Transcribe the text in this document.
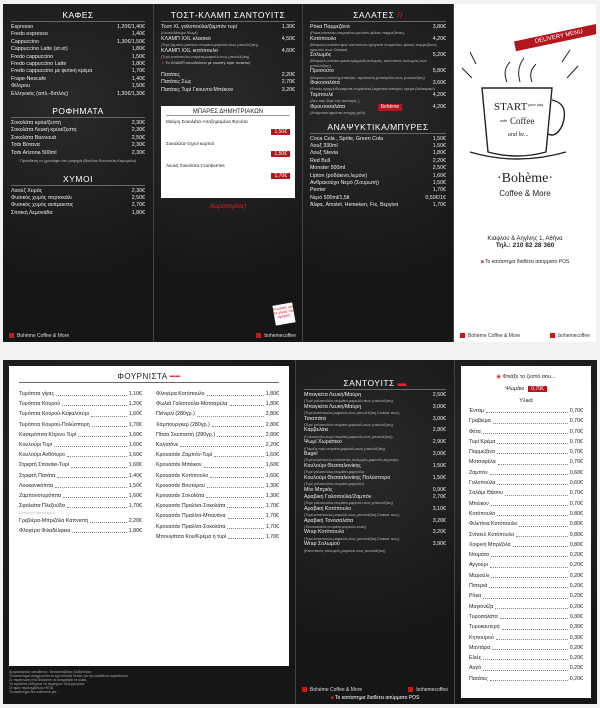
ΚΑΦΕΣ
Espresso	1,20€/1,40€
Fredo espresso	1,40€
Cappuccino	1,30€/1,50€
Cappuccino Latte (ισ.ισ)	1,80€
Fredo cappuccino	1,50€
Fredo cappuccino Latte	1,80€
Fredo cappuccino με φυτική κρέμα	1,70€
Frape-Nescafe	1,40€
Φίλτρου	1,50€
Ελληνικός (απλ.-διπλός)	1,30€/1,30€
ΡΟΦΗΜΑΤΑ
Σοκολάτα κρύα/ζεστή	2,30€
Σοκολάτα Λευκή κρύα/ζεστή	2,30€
Σοκολάτα Βιεννουά	2,50€
Τσάι Βότανα	2,30€
Τσάι Arizona 500ml	2,30€
Πρόσθεση το χρυσάφιο στο ρόφημά (Βανίλια,Φουντούκι,Καραμέλα)
ΧΥΜΟΙ
Λαούζ Χυμός	2,30€
Φυσικός χυμός πορτοκάλι	2,50€
Φυσικός χυμός ανάμεικτος	2,70€
Σπιτική Λεμονάδα	1,80€
Bohème Coffee & More
ΤΟΣΤ-ΚΛΑΜΠ ΣΑΝΤΟΥΙΤΣ
Τοστ XL γαλοπούλα/ζαμπόν τυρί	1,30€
(Λευκό/Μαύρο Ψωμί)
ΚΛΑΜΠ XXL κλασικό	4,50€
(Τυρί,ζαμπόν,μπέικον,ντομάτα,μαρούλι,σως μπουλέζικη)
ΚΛΑΜΠ XXL κοτόπουλο	4,60€
(Τυρί,κοτόπουλο,ντομάτα,μαρούλι,σως μπουλέζικη)
★ Το ΚΛΑΜΠ συνοδεύεται με country style πατάτες!
Πατάτες	2,20€
Πατάτες Σως	2,70€
Πατάτες Τυρί Γκουντα-Μπέικον	3,20€
ΜΠΑΡΕΣ ΔΗΜΗΤΡΙΑΚΩΝ
Μαύρη Σοκολάτα-Αποξηραμένα Φρούτα
1,50€
Σοκολάτα-Ξηροί καρποί
1,50€
Λευκή Σοκολάτα-Cranberries
1,70€
Χωροπορίτες!
Ρωτήστε για τα γλυκά της ημέρας!
bohemecoffee
ΣΑΛΑΤΕΣ //
Ρόκα Παρμεζάνα	3,80€
(Ρόκα,σπανάκι,ντοματίνια,κρουτόν,φλέικς παρμεζάνας)
Κοτόπουλο	4,20€
(Μαρούλι,σαλάτα φιλέ κοτόπουλο,τραγανά ντοματίνια, φλέικς παρμεζάνας, κρουτόν,σως Ceasar)
Σολωμός	5,20€
(Μαρούλι,σαλάτα,ρόκα,κρεμμύδι,σολομός, καπνιστός σολωμός,σως μπουλέζικη)
Προσούτο	5,80€
(Μαρούλι,iceberg,σπανάκι, προσούτο,μοτσαρέλα,σως μπουλέζικη)
Φακοσαλάτα	3,60€
(Φακές,κρεμμύδι,καρότα,ντοματίνια,λαχανικά,πιπεριές κρέμα βαλσαμικό)
Ταμπουλέ	4,20€
(Δεν σας λέμε την συνταγή..)
Φρουτοσαλάτα	Bohème	4,20€
(Ανάμεικτα φρούτα εποχής,μέλι)
ΑΝΑΨΥΚΤΙΚΑ/ΜΠΥΡΕΣ
Coca Cola , Sprite, Green Cola	1,50€
Λουξ 330ml	1,50€
Λουξ Stevia	1,80€
Red Bull	2,20€
Monster 500ml	2,50€
Lipton (ροδάκινο,λεμόνι)	1,60€
Ανθρακούχο Νερό (Σουρωτή)	1,50€
Perrier	1,70€
Νερό 500ml/1,5lt	0,50€/1€
Άλφα, Amstel, Heineken, Fix, Βεργίνα	1,70€
DELIVERY MENU
START your day
with Coffee
and be...
·Bohème·
Coffee & More
Κιαφλου & Αηγίνης 1, Αθήνα
Τηλ.: 210 82 28 360
■ Το κατάστημα διαθέτει ασύρματο POS
Bohème Coffee & More	bohemecoffee
ΦΟΥΡΝΙΣΤΑ ━━
Τυρόπιτα γίγας	1,10€
Τυρόπιτα Κουρού	1,20€
Τυρόπιτα Κουρού-Κεφαλοτύρι	1,60€
Τυρόπιτα Κουρού-Πολύσπορη	1,70€
Κασερόπιτα Κίτρινο Τυρί	1,60€
Κουλούρι Τυρί	1,60€
Κουλούρι Ανθότυρο	1,60€
Στριφτή Σπανάκι-Τυρί	1,60€
Στριφτή Πατάτα	1,40€
Λουκανικόπιτα	1,50€
Ζαμπονοτυρόπιτα	1,60€
Σφολιάτα Πλεξούδα	1,70€
(Μπέικον,Μπεσαμέλ)
Γρεβιέρα-Μπριζόλα Καπνιστή	2,20€
Φλογέρα Φιλαδέλφεια	1,80€
Φλογέρα Κοτόπουλο	1,80€
Φωλιά Γαλοπούλα-Μοτσαρέλα	1,80€
Πεϊνιρλί (280γρ.)	2,80€
Χάμπουργκερ (280γρ.)	2,80€
Πίτσα Σκεπαστή (280γρ.)	2,80€
Κολτσόνε	2,20€
Κρουασάν Ζαμπόν-Τυρί	1,60€
Κρουασάν Μπέικον	1,60€
Κρουασάν Κοτόπουλο	1,60€
Κρουασάν Βουτύρου	1,30€
Κρουασάν Σοκολάτα	1,30€
Κρουασάν Πραλίνα-Σοκολάτα	1,70€
Κρουασάν Πραλίνα-Μπανάνα	1,70€
Κρουασάν Πραλίνα-Σοκολάτα	1,70€
Μπουγάτσα Κου/Κρέμα ή τυρί	1,70€
Αγορανομικός υπεύθυνος: Τσουτσουβλέης Αλέξανδρος
Το κατάστημα υποχρεούται να έχει έντυπα δελτία για την κατάθεση παραπόνων.
Σε περίπτωση που θελήσετε να αναγράψει τα υλικά...
Τα προϊόντα ενδέχεται να περιέχουν αλλεργιογόνα.
Οι τιμές περιλαμβάνουν ΦΠΑ.
Το κατάστημα δεν ευθύνεται για...
ΣΑΝΤΟΥΙΤΣ ▬
Μπαγκέτα Λευκή/Μαύρη	2,50€
(Τυρί γαλοπούλα,ντομάτα,μαρούλι,σως μπουλέζικη)
Μπαγκέτα Λευκή/Μαύρη	3,00€
(Τυρί,κοτόπουλο,μαρούλι,σως μπουλέζικη,Ceasar σως)
Τσιαπάτα	3,00€
(Τυρί γαλοπούλα,ντομάτα,μαρούλι,σως μπουλέζικη)
Καρβελάκι	2,80€
(Γαλοπούλα,τυρί,ντομάτα,μαρούλι,σως μπουλέζικη)
Ψωμί Χωριάτικο	2,90€
(Πάριζα,τυρί,ντομάτα,μαρούλι,σως μπουλέζικη)
Bagel	3,00€
(Τυρί,κοτόπουλο,καπνιστός σολωμός,μαρούλι,αγγούρι)
Κουλούρι Θεσσαλονίκης	1,50€
(Τυρί γαλοπούλα,ντομάτα,μαρούλι)
Κουλούρι Θεσσαλονίκης Πολύσπορο	1,50€
(Τυρί γαλοπούλα,ντομάτα,μαρούλι)
Μίνι Μπριός	0,90€
Αραβική Γαλοπούλα/Ζαμπόν	2,70€
(Τυρί γαλοπούλα,ντομάτα,μαρούλι,σως μπουλέζικη)
Αραβική Κοτόπουλο	3,10€
(Τυρί,κοτόπουλο,μαρούλι,σως μπουλέζικη,Ceasar σως)
Αραβική Τονοσαλάτα	3,20€
(Τονοσαλάτα,ντομάτα,μαρούλι,ελιές)
Wrap Κοτόπουλο	3,20€
(Τυρί,κοτόπουλο,μαρούλι,σως μπουλέζικη,Ceasar σως)
Wrap Σολωμού	3,90€
(Καπνιστός σολωμός,μαρούλι,σως μπουλέζικη)
Bohème Coffee & More	bohemecoffee
■ Το κατάστημα διαθέτει ασύρματο POS
◉ Φτιάξε το ζεστό σου...
Ψωμάκι	0,70€
Υλικά
Ένταμ	0,70€
Γραβιέρα	0,70€
Φέτα	0,70€
Τυρί Κρέμα	0,70€
Παρμεζάνα	0,70€
Μοτσαρέλα	0,70€
Ζαμπόν	0,60€
Γαλοπούλα	0,60€
Σαλάμι Θάσου	0,70€
Μπέικον	0,70€
Κοτόπουλο	0,80€
Φιλετίνια Κοτόπουλο	0,80€
Σνίτσελ Κοτόπουλο	0,80€
Χοιρινή Μπριζόλα	0,80€
Ντομάτα	0,20€
Αγγούρι	0,20€
Μαρούλι	0,20€
Πιπεριά	0,20€
Ρόκα	0,20€
Μαγιονέζα	0,20€
Τυροσαλάτα	0,30€
Τυροκαυτερή	0,30€
Κηπουρού	0,30€
Μαντάρα	0,20€
Ελιές	0,20€
Αυγό	0,20€
Πατάτες	0,20€
